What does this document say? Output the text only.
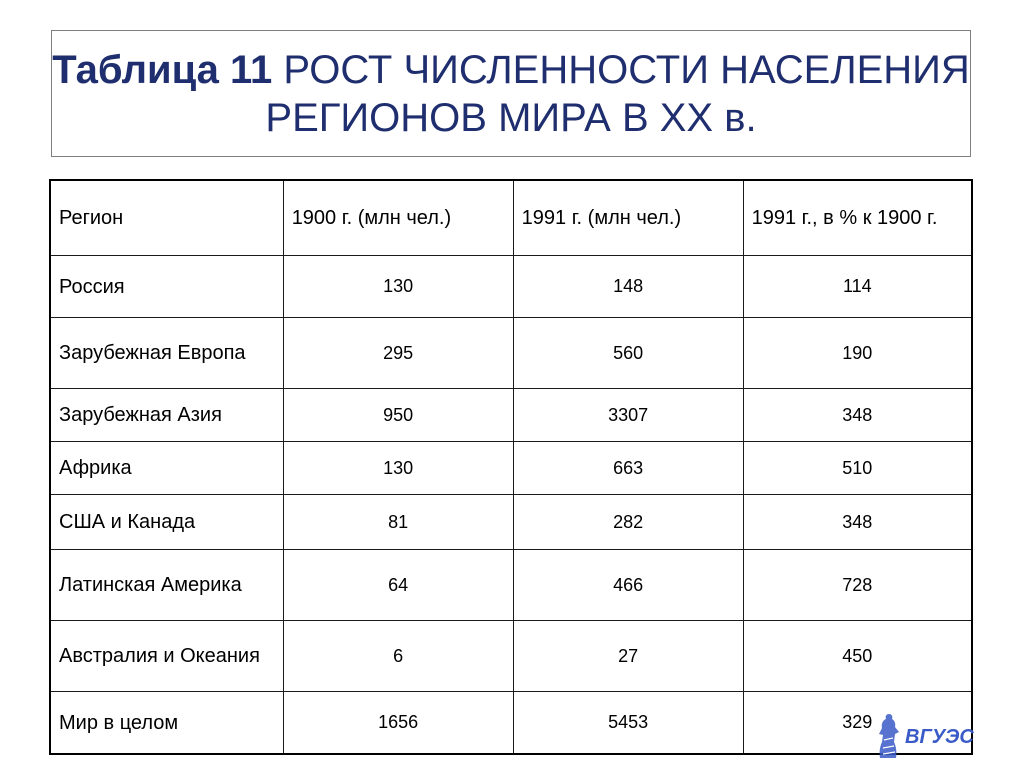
Таблица 11 РОСТ ЧИСЛЕННОСТИ НАСЕЛЕНИЯ РЕГИОНОВ МИРА В XX в.
Регион	1900 г. (млн чел.)	1991 г. (млн чел.)	1991 г., в % к 1900 г.
Россия	130	148	114
Зарубежная Европа	295	560	190
Зарубежная Азия	950	3307	348
Африка	130	663	510
США и Канада	81	282	348
Латинская Америка	64	466	728
Австралия и Океания	6	27	450
Мир в целом	1656	5453	329
ВГУЭС
